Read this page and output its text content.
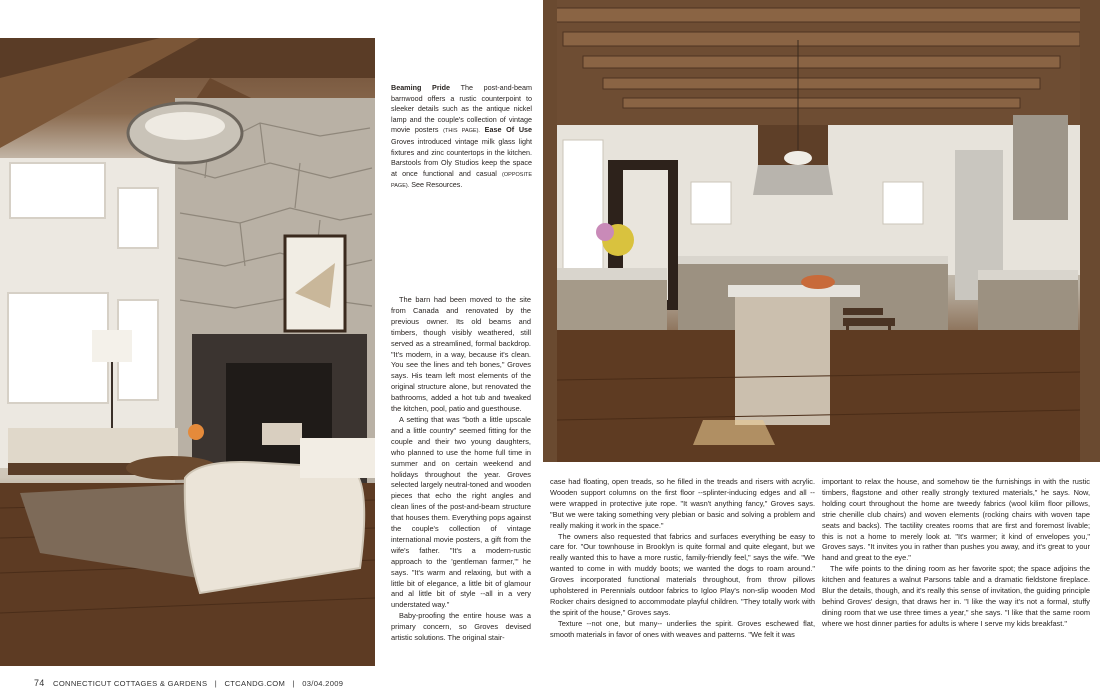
Beaming Pride The post-and-beam barnwood offers a rustic counterpoint to sleeker details such as the antique nickel lamp and the couple's collection of vintage movie posters (THIS PAGE). Ease Of Use Groves introduced vintage milk glass light fixtures and zinc countertops in the kitchen. Barstools from Oly Studios keep the space at once functional and casual (OPPOSITE PAGE). See Resources.

The barn had been moved to the site from Canada and renovated by the previous owner. Its old beams and timbers, though visibly weathered, still served as a streamlined, formal backdrop. "It's modern, in a way, because it's clean. You see the lines and teh bones," Groves says. His team left most elements of the original structure alone, but renovated the bathrooms, added a hot tub and tweaked the kitchen, pool, patio and guesthouse.

A setting that was "both a little upscale and a little country" seemed fitting for the couple and their two young daughters, who planned to use the home full time in summer and on certain weekend and holidays throughout the year. Groves selected largely neutral-toned and wooden pieces that echo the right angles and clean lines of the post-and-beam structure that houses them. Everything pops against the couple's collection of vintage international movie posters, a gift from the wife's father. "It's a modern-rustic approach to the 'gentleman farmer,'" he says. "It's warm and relaxing, but with a little bit of elegance, a little bit of glamour and al little bit of style --all in a very understated way."

Baby-proofing the entire house was a primary concern, so Groves devised artistic solutions. The original stair-

case had floating, open treads, so he filled in the treads and risers with acrylic. Wooden support columns on the first floor --splinter-inducing edges and all --were wrapped in protective jute rope. "It wasn't anything fancy," Groves says. "But we were taking something very plebian or basic and solving a problem and really making it work in the space."

The owners also requested that fabrics and surfaces everything be easy to care for. "Our townhouse in Brooklyn is quite formal and quite elegant, but we really wanted this to have a more rustic, family-friendly feel," says the wife. "We wanted to come in with muddy boots; we wanted the dogs to roam around." Groves incorporated functional materials throughout, from throw pillows upholstered in Perennials outdoor fabrics to Igloo Play's non-slip wooden Mod Rocker chairs designed to accommodate playful children. "They totally work with the spirit of the house," Groves says.

Texture --not one, but many-- underlies the spirit. Groves eschewed flat, smooth materials in favor of ones with weaves and patterns. "We felt it was

important to relax the house, and somehow tie the furnishings in with the rustic timbers, flagstone and other really strongly textured materials," he says. Now, holding court throughout the home are tweedy fabrics (wool kilim floor pillows, strie chenille club chairs) and woven elements (rocking chairs with woven tape seats and backs). The tactility creates rooms that are first and foremost livable; this is not a home to merely look at. "It's warmer; it kind of envelopes you," Groves says. "It invites you in rather than pushes you away, and it's great to your hand and great to the eye."

The wife points to the dining room as her favorite spot; the space adjoins the kitchen and features a walnut Parsons table and a dramatic fieldstone fireplace. Blur the details, though, and it's really this sense of invitation, the guiding principle behind Groves' design, that draws her in. "I like the way it's not a formal, stuffy dining room that we use three times a year," she says. "I like that the same room where we host dinner parties for adults is where I serve my kids breakfast."

74 CONNECTICUT COTTAGES & GARDENS | CTCANDG.COM | 03/04.2009
